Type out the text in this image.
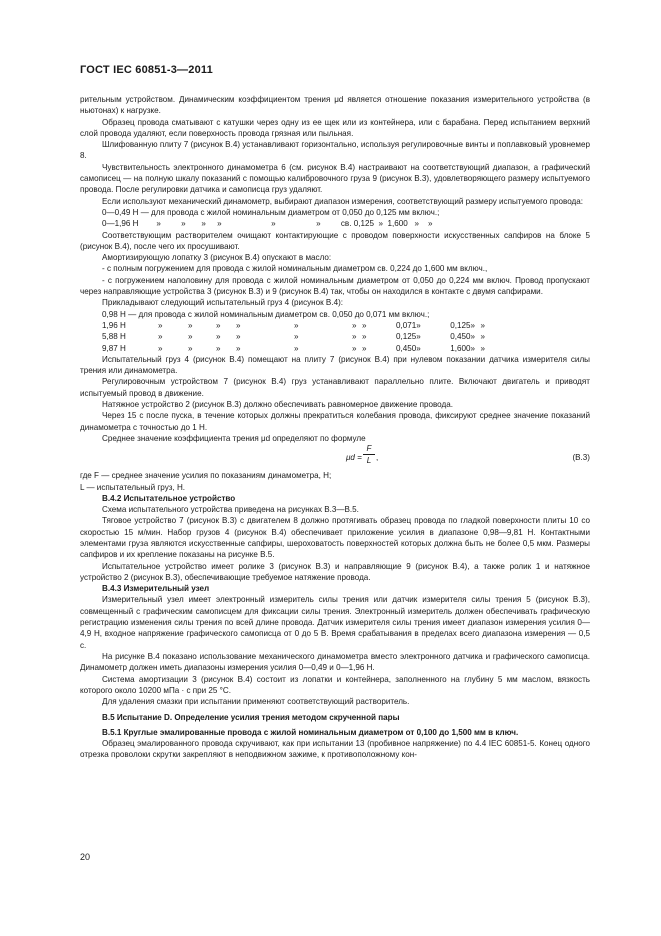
ГОСТ IEC 60851-3—2011

рительным устройством. Динамическим коэффициентом трения μd является отношение показания измерительного устройства (в ньютонах) к нагрузке.

Образец провода сматывают с катушки через одну из ее щек или из контейнера, или с барабана. Перед испытанием верхний слой провода удаляют, если поверхность провода грязная или пыльная.

Шлифованную плиту 7 (рисунок В.4) устанавливают горизонтально, используя регулировочные винты и поплавковый уровнемер 8.

Чувствительность электронного динамометра 6 (см. рисунок В.4) настраивают на соответствующий диапазон, а графический самописец — на полную шкалу показаний с помощью калибровочного груза 9 (рисунок В.3), удовлетворяющего размеру испытуемого провода. После регулировки датчика и самописца груз удаляют.

Если используют механический динамометр, выбирают диапазон измерения, соответствующий размеру испытуемого провода:

0—0,49 Н — для провода с жилой номинальным диаметром от 0,050 до 0,125 мм включ.;

0—1,96 Н        »         »       »     »                      »                  »         св. 0,125  »  1,600   »    »

Соответствующим растворителем очищают контактирующие с проводом поверхности искусственных сапфиров на блоке 5 (рисунок В.4), после чего их просушивают.

Амортизирующую лопатку 3 (рисунок В.4) опускают в масло:

- с полным погружением для провода с жилой номинальным диаметром св. 0,224 до 1,600 мм включ.,

- с погружением наполовину для провода с жилой номинальным диаметром от 0,050 до 0,224 мм включ. Провод пропускают через направляющие устройства 3 (рисунок В.3) и 9 (рисунок В.4) так, чтобы он находился в контакте с двумя сапфирами.

Прикладывают следующий испытательный груз 4 (рисунок В.4):

0,98 Н — для провода с жилой номинальным диаметром св. 0,050 до 0,071 мм включ.;

1,96 Н	»	»	»	»	»	»	»	0,071	»	0,125	»	»
5,88 Н	»	»	»	»	»	»	»	0,125	»	0,450	»	»
9,87 Н	»	»	»	»	»	»	»	0,450	»	1,600	»	»

Испытательный груз 4 (рисунок В.4) помещают на плиту 7 (рисунок В.4) при нулевом показании датчика измерителя силы трения или динамометра.

Регулировочным устройством 7 (рисунок В.4) груз устанавливают параллельно плите. Включают двигатель и приводят испытуемый провод в движение.

Натяжное устройство 2 (рисунок В.3) должно обеспечивать равномерное движение провода.

Через 15 с после пуска, в течение которых должны прекратиться колебания провода, фиксируют среднее значение показаний динамометра с точностью до 1 Н.

Среднее значение коэффициента трения μd определяют по формуле

$\mu d = \frac{F}{L}$ ,	(В.3)

где F — среднее значение усилия по показаниям динамометра, Н;

L — испытательный груз, Н.

В.4.2 Испытательное устройство

Схема испытательного устройства приведена на рисунках В.3—В.5.

Тяговое устройство 7 (рисунок В.3) с двигателем 8 должно протягивать образец провода по гладкой поверхности плиты 10 со скоростью 15 м/мин. Набор грузов 4 (рисунок В.4) обеспечивает приложение усилия в диапазоне 0,98—9,81 Н. Контактными элементами груза являются искусственные сапфиры, шероховатость поверхностей которых должна быть не более 0,5 мкм. Размеры сапфиров и их крепление показаны на рисунке В.5.

Испытательное устройство имеет ролике 3 (рисунок В.3) и направляющие 9 (рисунок В.4), а также ролик 1 и натяжное устройство 2 (рисунок В.3), обеспечивающие требуемое натяжение провода.

В.4.3 Измерительный узел

Измерительный узел имеет электронный измеритель силы трения или датчик измерителя силы трения 5 (рисунок В.3), совмещенный с графическим самописцем для фиксации силы трения. Электронный измеритель должен обеспечивать графическую регистрацию изменения силы трения по всей длине провода. Датчик измерителя силы трения имеет диапазон измерения усилия 0—4,9 Н, входное напряжение графического самописца от 0 до 5 В. Время срабатывания в пределах всего диапазона измерения — 0,5 с.

На рисунке В.4 показано использование механического динамометра вместо электронного датчика и графического самописца. Динамометр должен иметь диапазоны измерения усилия 0—0,49 и 0—1,96 Н.

Система амортизации 3 (рисунок В.4) состоит из лопатки и контейнера, заполненного на глубину 5 мм маслом, вязкость которого около 10200 мПа · с при 25 °С.

Для удаления смазки при испытании применяют соответствующий растворитель.

В.5 Испытание D. Определение усилия трения методом скрученной пары

В.5.1 Круглые эмалированные провода с жилой номинальным диаметром от 0,100 до 1,500 мм в ключ.

Образец эмалированного провода скручивают, как при испытании 13 (пробивное напряжение) по 4.4 IEC 60851-5. Конец одного отрезка проволоки скрутки закрепляют в неподвижном зажиме, к противоположному кон-

20
